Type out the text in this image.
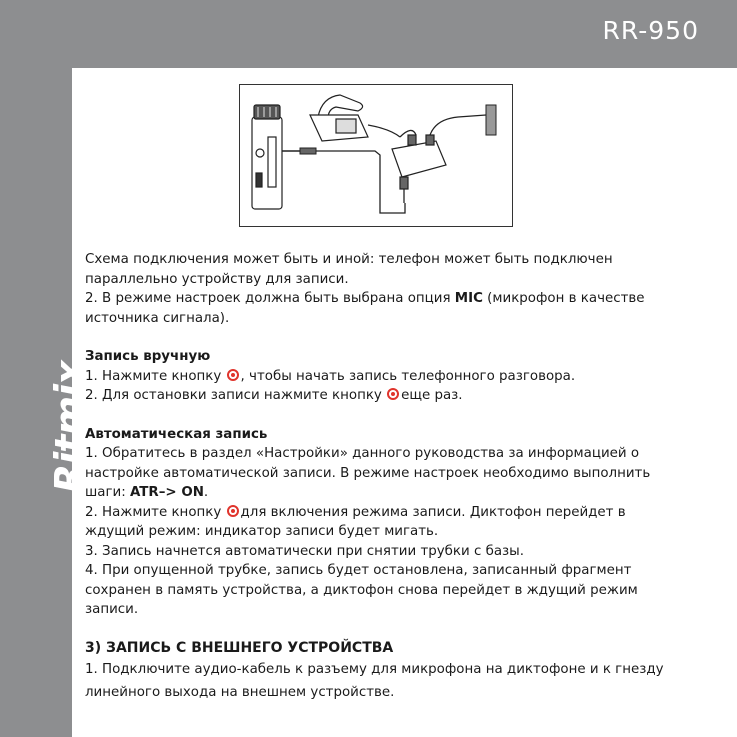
RR-950
Ritmix

Схема подключения может быть и иной: телефон может быть подключен параллельно устройству для записи.

2. В режиме настроек должна быть выбрана опция MIC (микрофон в качестве источника сигнала).

Запись вручную

1. Нажмите кнопку , чтобы начать запись телефонного разговора.

2. Для остановки записи нажмите кнопку еще раз.

Автоматическая запись

1. Обратитесь в раздел «Настройки» данного руководства за информацией о настройке автоматической записи. В режиме настроек необходимо выполнить шаги: ATR–> ON.

2. Нажмите кнопку для включения режима записи. Диктофон перейдет в ждущий режим: индикатор записи будет мигать.

3. Запись начнется автоматически при снятии трубки с базы.

4. При опущенной трубке, запись будет остановлена, записанный фрагмент сохранен в память устройства, а диктофон снова перейдет в ждущий режим записи.

3) ЗАПИСЬ С ВНЕШНЕГО УСТРОЙСТВА

1. Подключите аудио-кабель к разъему для микрофона на диктофоне и к гнезду линейного выхода на внешнем устройстве.
